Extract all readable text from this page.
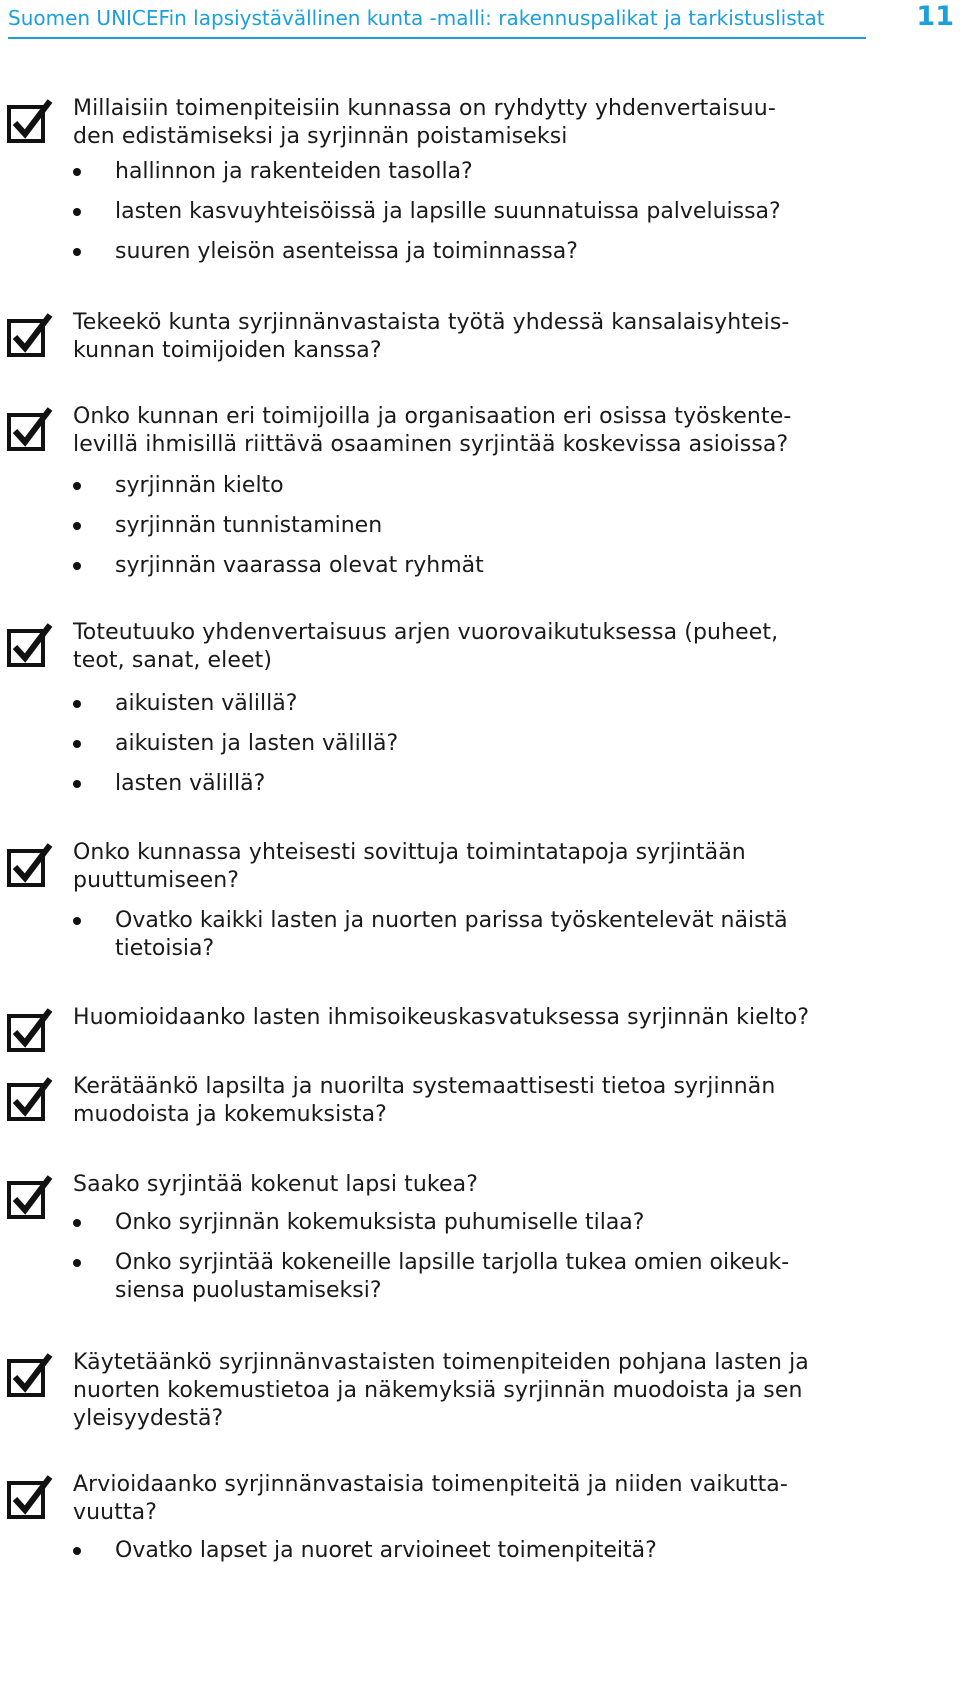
Suomen UNICEFin lapsiystävällinen kunta -malli: rakennuspalikat ja tarkistuslistat	11
Millaisiin toimenpiteisiin kunnassa on ryhdytty yhdenvertaisuu-
den edistämiseksi ja syrjinnän poistamiseksi
hallinnon ja rakenteiden tasolla?
lasten kasvuyhteisöissä ja lapsille suunnatuissa palveluissa?
suuren yleisön asenteissa ja toiminnassa?
Tekeekö kunta syrjinnänvastaista työtä yhdessä kansalaisyhteis-
kunnan toimijoiden kanssa?
Onko kunnan eri toimijoilla ja organisaation eri osissa työskente-
levillä ihmisillä riittävä osaaminen syrjintää koskevissa asioissa?
syrjinnän kielto
syrjinnän tunnistaminen
syrjinnän vaarassa olevat ryhmät
Toteutuuko yhdenvertaisuus arjen vuorovaikutuksessa (puheet,
teot, sanat, eleet)
aikuisten välillä?
aikuisten ja lasten välillä?
lasten välillä?
Onko kunnassa yhteisesti sovittuja toimintatapoja syrjintään
puuttumiseen?
Ovatko kaikki lasten ja nuorten parissa työskentelevät näistä
tietoisia?
Huomioidaanko lasten ihmisoikeuskasvatuksessa syrjinnän kielto?
Kerätäänkö lapsilta ja nuorilta systemaattisesti tietoa syrjinnän
muodoista ja kokemuksista?
Saako syrjintää kokenut lapsi tukea?
Onko syrjinnän kokemuksista puhumiselle tilaa?
Onko syrjintää kokeneille lapsille tarjolla tukea omien oikeuk-
siensa puolustamiseksi?
Käytetäänkö syrjinnänvastaisten toimenpiteiden pohjana lasten ja
nuorten kokemustietoa ja näkemyksiä syrjinnän muodoista ja sen
yleisyydestä?
Arvioidaanko syrjinnänvastaisia toimenpiteitä ja niiden vaikutta-
vuutta?
Ovatko lapset ja nuoret arvioineet toimenpiteitä?
